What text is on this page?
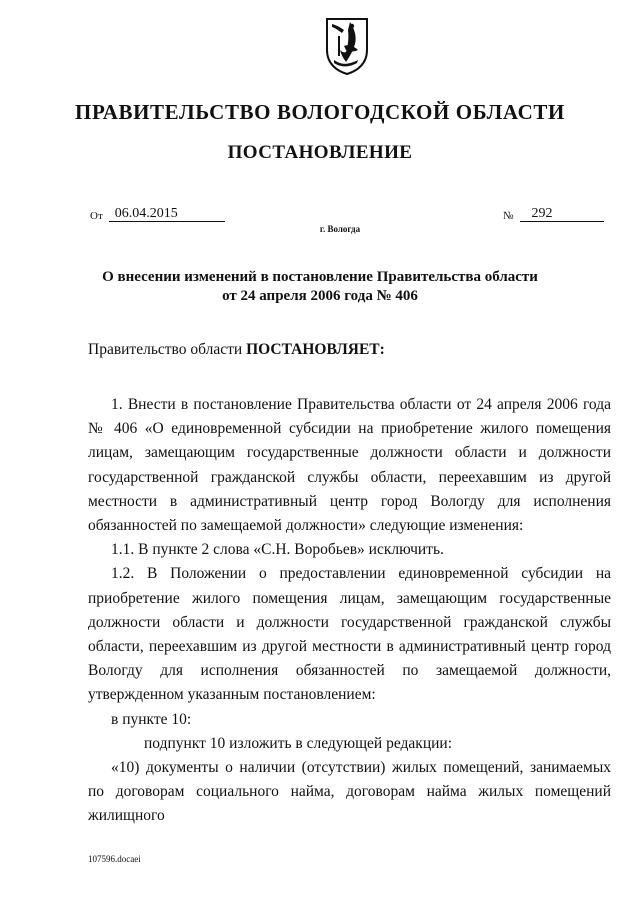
ПРАВИТЕЛЬСТВО ВОЛОГОДСКОЙ ОБЛАСТИ
ПОСТАНОВЛЕНИЕ
От 06.04.2015	№	292
г. Вологда
О внесении изменений в постановление Правительства области
от 24 апреля 2006 года № 406
Правительство области ПОСТАНОВЛЯЕТ:

1. Внести в постановление Правительства области от 24 апреля 2006 года № 406 «О единовременной субсидии на приобретение жилого помещения лицам, замещающим государственные должности области и должности государственной гражданской службы области, переехавшим из другой местности в административный центр город Вологду для исполнения обязанностей по замещаемой должности» следующие изменения:

1.1. В пункте 2 слова «С.Н. Воробьев» исключить.

1.2. В Положении о предоставлении единовременной субсидии на приобретение жилого помещения лицам, замещающим государственные должности области и должности государственной гражданской службы области, переехавшим из другой местности в административный центр город Вологду для исполнения обязанностей по замещаемой должности, утвержденном указанным постановлением:

в пункте 10:

подпункт 10 изложить в следующей редакции:

«10) документы о наличии (отсутствии) жилых помещений, занимаемых по договорам социального найма, договорам найма жилых помещений жилищного

107596.docaei
